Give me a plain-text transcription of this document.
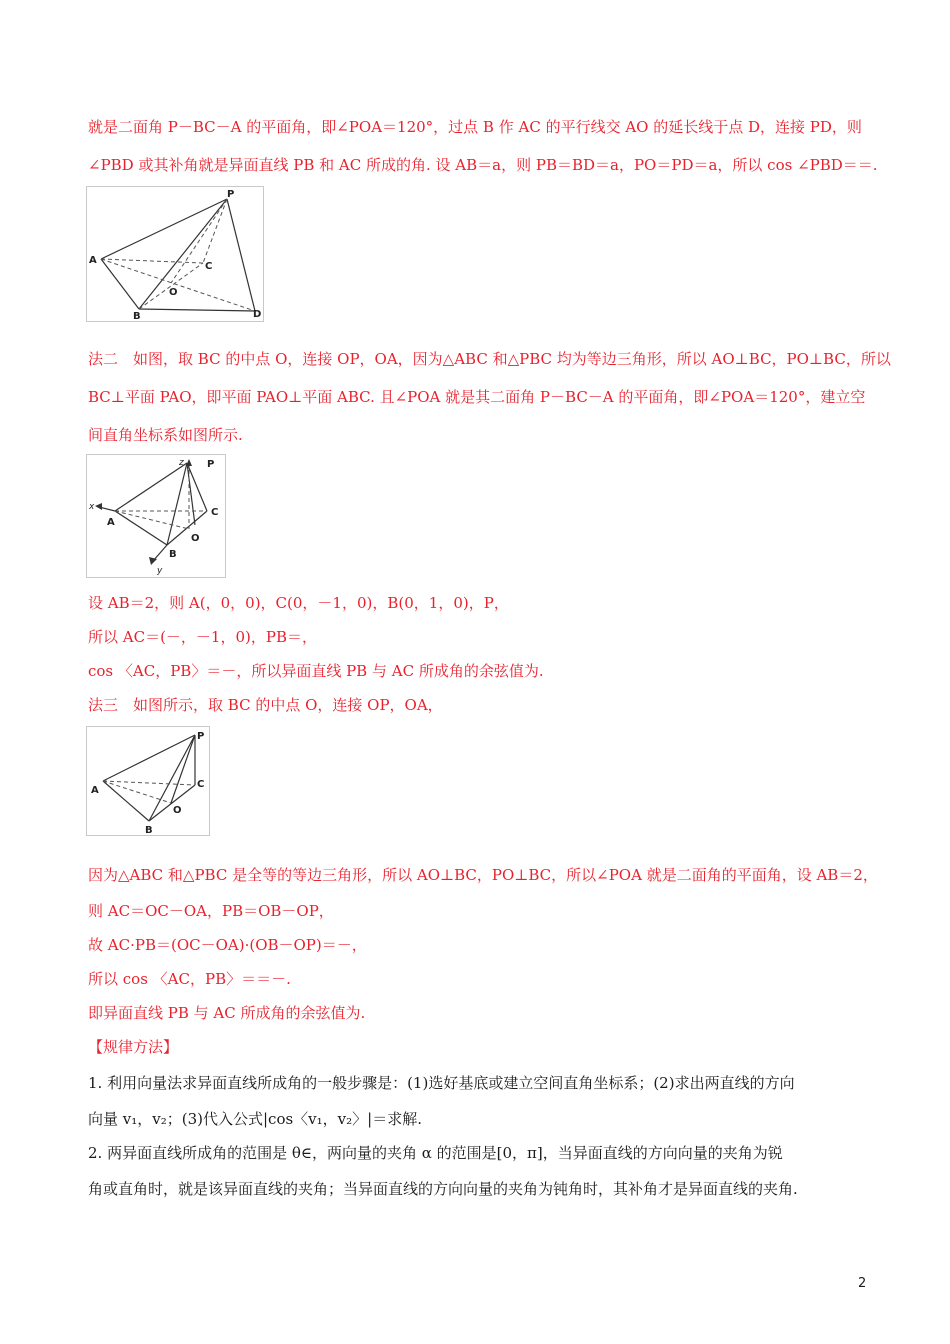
就是二面角 P－BC－A 的平面角，即∠POA＝120°，过点 B 作 AC 的平行线交 AO 的延长线于点 D，连接 PD，则
∠PBD 或其补角就是异面直线 PB 和 AC 所成的角. 设 AB＝a，则 PB＝BD＝a，PO＝PD＝a，所以 cos ∠PBD＝＝.
P
A
C
O
B	D
法二　如图，取 BC 的中点 O，连接 OP，OA，因为△ABC 和△PBC 均为等边三角形，所以 AO⊥BC，PO⊥BC，所以
BC⊥平面 PAO，即平面 PAO⊥平面 ABC. 且∠POA 就是其二面角 P－BC－A 的平面角，即∠POA＝120°，建立空
间直角坐标系如图所示.
z P
x
A
C
O
B
y
设 AB＝2，则 A(，0，0)，C(0，－1，0)，B(0，1，0)，P，
所以 AC＝(－，－1，0)，PB＝，
cos 〈AC，PB〉＝－，所以异面直线 PB 与 AC 所成角的余弦值为.
法三　如图所示，取 BC 的中点 O，连接 OP，OA，
P
A
C
O
B
因为△ABC 和△PBC 是全等的等边三角形，所以 AO⊥BC，PO⊥BC，所以∠POA 就是二面角的平面角，设 AB＝2，
则 AC＝OC－OA，PB＝OB－OP，
故 AC·PB＝(OC－OA)·(OB－OP)＝－，
所以 cos 〈AC，PB〉＝＝－.
即异面直线 PB 与 AC 所成角的余弦值为.
【规律方法】
1. 利用向量法求异面直线所成角的一般步骤是：(1)选好基底或建立空间直角坐标系；(2)求出两直线的方向
向量 v₁，v₂；(3)代入公式|cos〈v₁，v₂〉|＝求解.
2. 两异面直线所成角的范围是 θ∈，两向量的夹角 α 的范围是[0，π]，当异面直线的方向向量的夹角为锐
角或直角时，就是该异面直线的夹角；当异面直线的方向向量的夹角为钝角时，其补角才是异面直线的夹角.
2
